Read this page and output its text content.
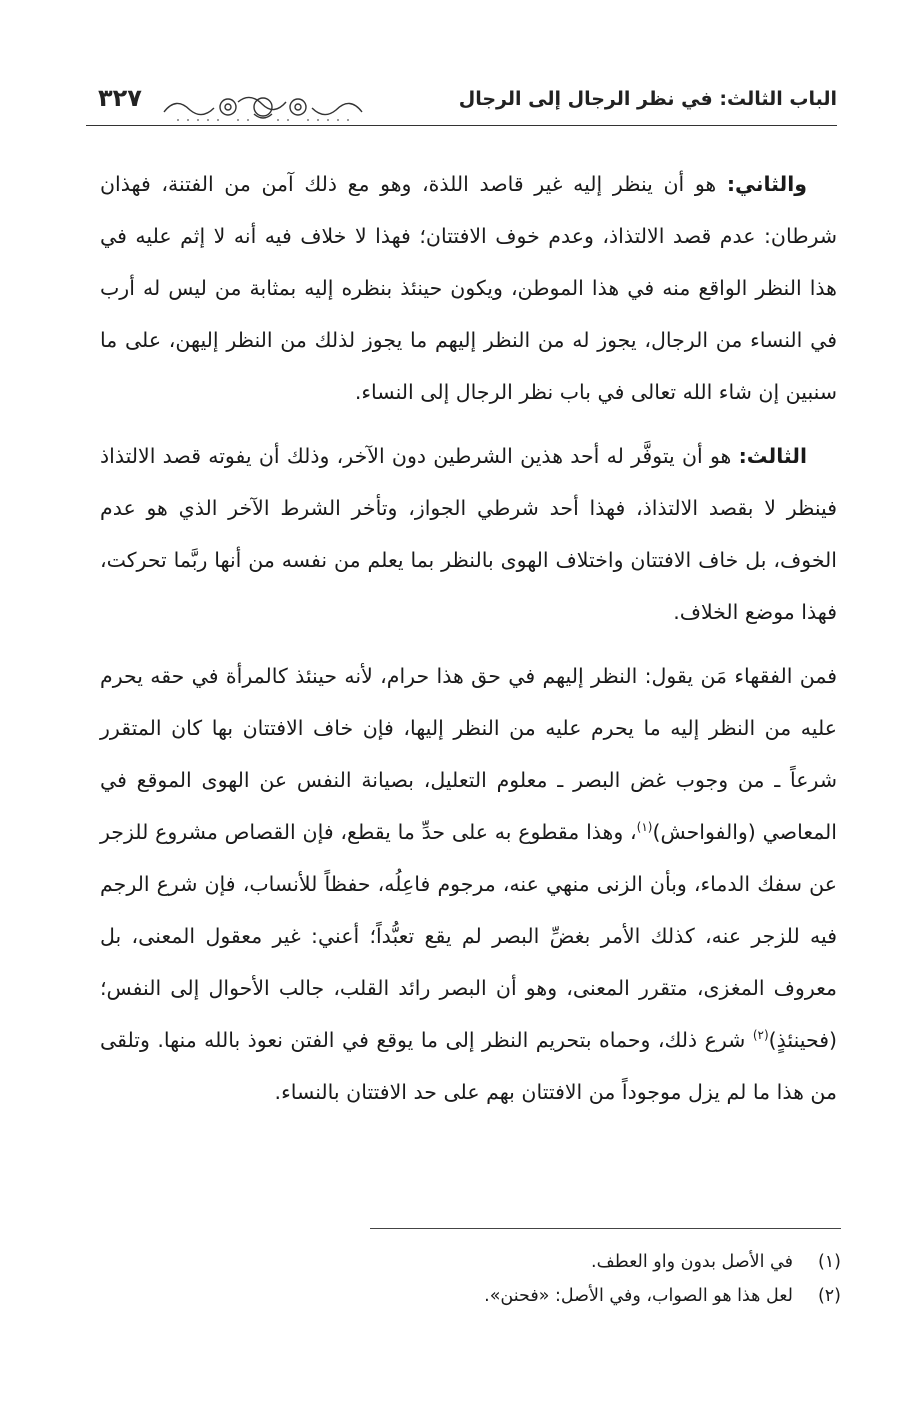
الباب الثالث: في نظر الرجال إلى الرجال
٣٢٧

والثاني: هو أن ينظر إليه غير قاصد اللذة، وهو مع ذلك آمن من الفتنة، فهذان شرطان: عدم قصد الالتذاذ، وعدم خوف الافتتان؛ فهذا لا خلاف فيه أنه لا إثم عليه في هذا النظر الواقع منه في هذا الموطن، ويكون حينئذ بنظره إليه بمثابة من ليس له أرب في النساء من الرجال، يجوز له من النظر إليهم ما يجوز لذلك من النظر إليهن، على ما سنبين إن شاء الله تعالى في باب نظر الرجال إلى النساء.

الثالث: هو أن يتوفَّر له أحد هذين الشرطين دون الآخر، وذلك أن يفوته قصد الالتذاذ فينظر لا بقصد الالتذاذ، فهذا أحد شرطي الجواز، وتأخر الشرط الآخر الذي هو عدم الخوف، بل خاف الافتتان واختلاف الهوى بالنظر بما يعلم من نفسه من أنها ربَّما تحركت، فهذا موضع الخلاف.

فمن الفقهاء مَن يقول: النظر إليهم في حق هذا حرام، لأنه حينئذ كالمرأة في حقه يحرم عليه من النظر إليه ما يحرم عليه من النظر إليها، فإن خاف الافتتان بها كان المتقرر شرعاً ـ من وجوب غض البصر ـ معلوم التعليل، بصيانة النفس عن الهوى الموقع في المعاصي (والفواحش)$^{(١)}$، وهذا مقطوع به على حدِّ ما يقطع، فإن القصاص مشروع للزجر عن سفك الدماء، وبأن الزنى منهي عنه، مرجوم فاعِلُه، حفظاً للأنساب، فإن شرع الرجم فيه للزجر عنه، كذلك الأمر بغضِّ البصر لم يقع تعبُّداً؛ أعني: غير معقول المعنى، بل معروف المغزى، متقرر المعنى، وهو أن البصر رائد القلب، جالب الأحوال إلى النفس؛ (فحينئذٍ)$^{(٢)}$ شرع ذلك، وحماه بتحريم النظر إلى ما يوقع في الفتن نعوذ بالله منها. وتلقى من هذا ما لم يزل موجوداً من الافتتان بهم على حد الافتتان بالنساء.

(١)في الأصل بدون واو العطف.
(٢)لعل هذا هو الصواب، وفي الأصل: «فحنن».
